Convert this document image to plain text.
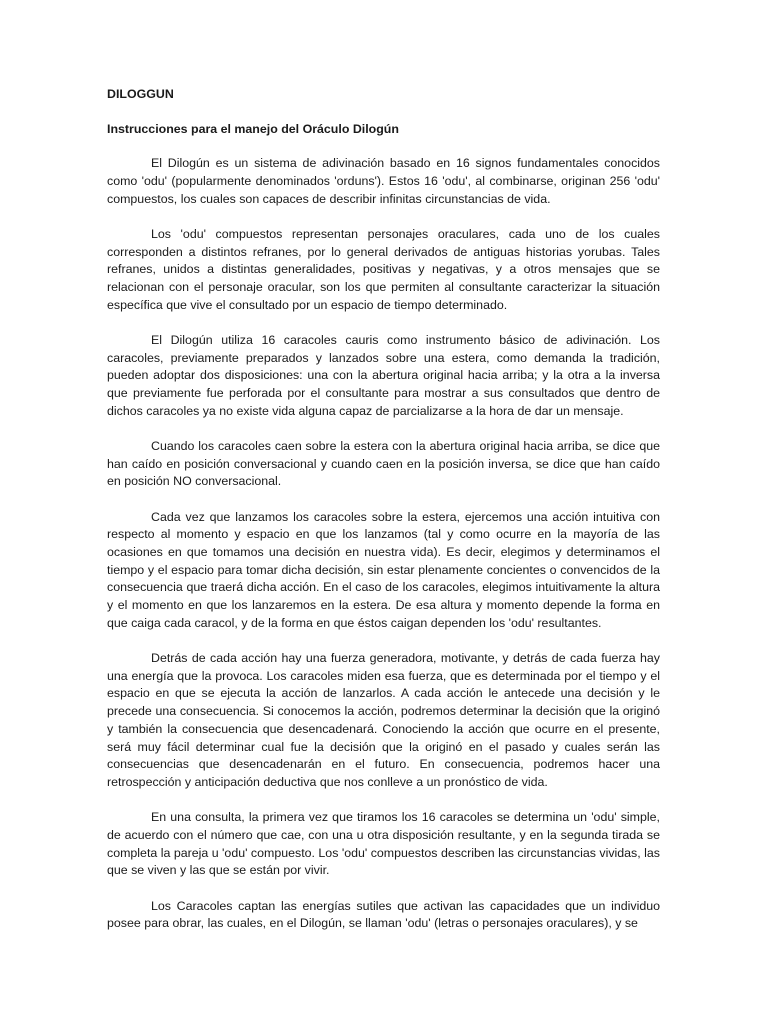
DILOGGUN

Instrucciones para el manejo del Oráculo Dilogún

El Dilogún es un sistema de adivinación basado en 16 signos fundamentales conocidos como 'odu' (popularmente denominados 'orduns'). Estos 16 'odu', al combinarse, originan 256 'odu' compuestos, los cuales son capaces de describir infinitas circunstancias de vida.

Los 'odu' compuestos representan personajes oraculares, cada uno de los cuales corresponden a distintos refranes, por lo general derivados de antiguas historias yorubas. Tales refranes, unidos a distintas generalidades, positivas y negativas, y a otros mensajes que se relacionan con el personaje oracular, son los que permiten al consultante caracterizar la situación específica que vive el consultado por un espacio de tiempo determinado.

El Dilogún utiliza 16 caracoles cauris como instrumento básico de adivinación. Los caracoles, previamente preparados y lanzados sobre una estera, como demanda la tradición, pueden adoptar dos disposiciones: una con la abertura original hacia arriba; y la otra a la inversa que previamente fue perforada por el consultante para mostrar a sus consultados que dentro de dichos caracoles ya no existe vida alguna capaz de parcializarse a la hora de dar un mensaje.

Cuando los caracoles caen sobre la estera con la abertura original hacia arriba, se dice que han caído en posición conversacional y cuando caen en la posición inversa, se dice que han caído en posición NO conversacional.

Cada vez que lanzamos los caracoles sobre la estera, ejercemos una acción intuitiva con respecto al momento y espacio en que los lanzamos (tal y como ocurre en la mayoría de las ocasiones en que tomamos una decisión en nuestra vida). Es decir, elegimos y determinamos el tiempo y el espacio para tomar dicha decisión, sin estar plenamente concientes o convencidos de la consecuencia que traerá dicha acción. En el caso de los caracoles, elegimos intuitivamente la altura y el momento en que los lanzaremos en la estera. De esa altura y momento depende la forma en que caiga cada caracol, y de la forma en que éstos caigan dependen los 'odu' resultantes.

Detrás de cada acción hay una fuerza generadora, motivante, y detrás de cada fuerza hay una energía que la provoca. Los caracoles miden esa fuerza, que es determinada por el tiempo y el espacio en que se ejecuta la acción de lanzarlos. A cada acción le antecede una decisión y le precede una consecuencia. Si conocemos la acción, podremos determinar la decisión que la originó y también la consecuencia que desencadenará. Conociendo la acción que ocurre en el presente, será muy fácil determinar cual fue la decisión que la originó en el pasado y cuales serán las consecuencias que desencadenarán en el futuro. En consecuencia, podremos hacer una retrospección y anticipación deductiva que nos conlleve a un pronóstico de vida.

En una consulta, la primera vez que tiramos los 16 caracoles se determina un 'odu' simple, de acuerdo con el número que cae, con una u otra disposición resultante, y en la segunda tirada se completa la pareja u 'odu' compuesto. Los 'odu' compuestos describen las circunstancias vividas, las que se viven y las que se están por vivir.

Los Caracoles captan las energías sutiles que activan las capacidades que un individuo posee para obrar, las cuales, en el Dilogún, se llaman 'odu' (letras o personajes oraculares), y se
